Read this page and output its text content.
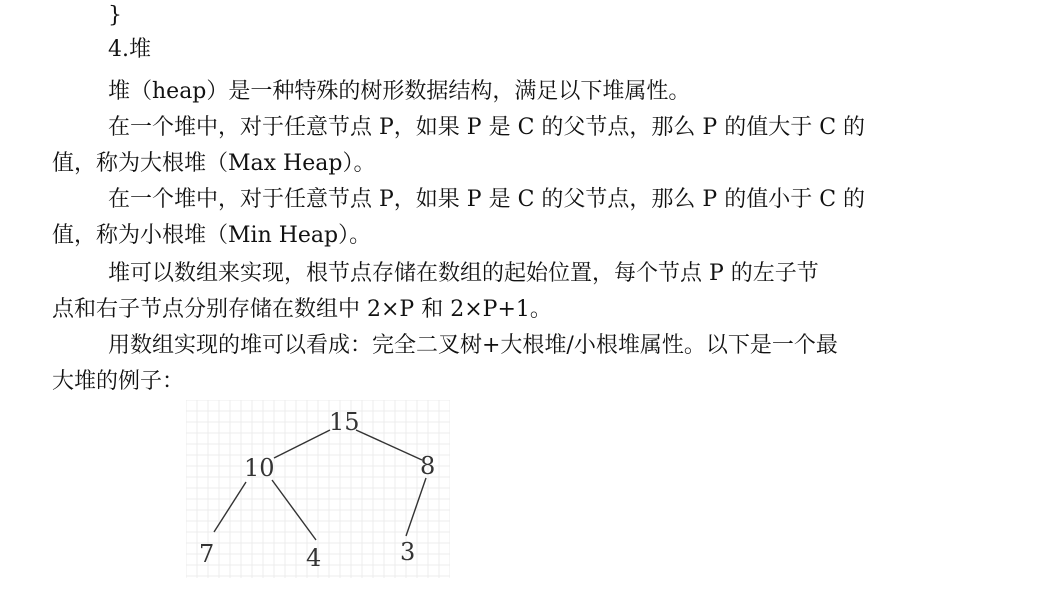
}
4.堆
堆（heap）是一种特殊的树形数据结构，满足以下堆属性。
在一个堆中，对于任意节点 P，如果 P 是 C 的父节点，那么 P 的值大于 C 的
值，称为大根堆（Max Heap）。
在一个堆中，对于任意节点 P，如果 P 是 C 的父节点，那么 P 的值小于 C 的
值，称为小根堆（Min Heap）。
堆可以数组来实现，根节点存储在数组的起始位置，每个节点 P 的左子节
点和右子节点分别存储在数组中 2×P 和 2×P+1。
用数组实现的堆可以看成：完全二叉树+大根堆/小根堆属性。以下是一个最
大堆的例子：
15
10	8
7	4	3
